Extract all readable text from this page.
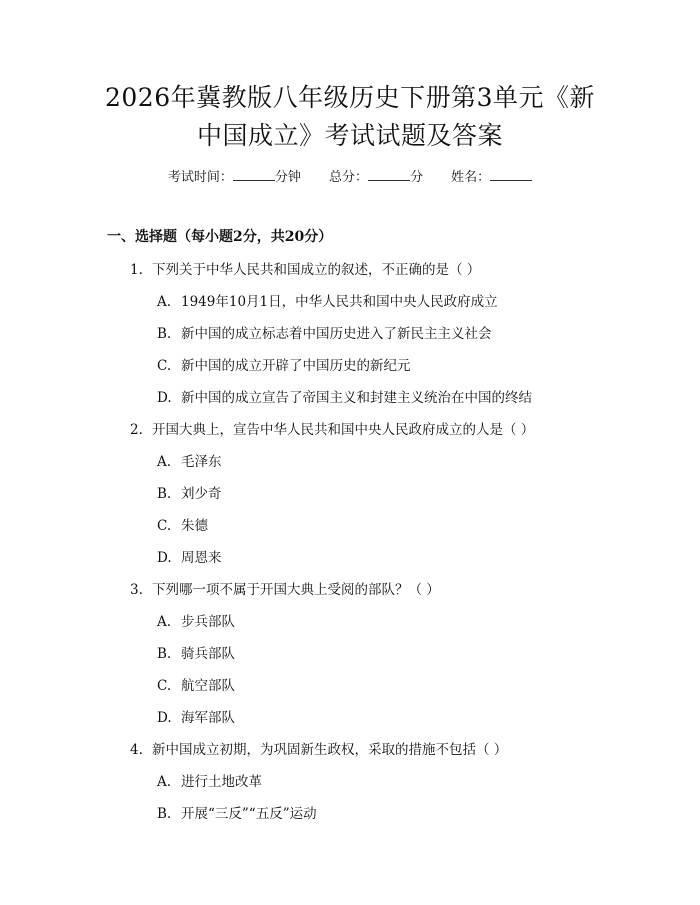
2026年冀教版八年级历史下册第3单元《新
中国成立》考试试题及答案
考试时间：	分钟 总分：	分 姓名：
一、选择题（每小题2分，共20分）
1. 下列关于中华人民共和国成立的叙述，不正确的是（ ）
A. 1949年10月1日，中华人民共和国中央人民政府成立
B. 新中国的成立标志着中国历史进入了新民主主义社会
C. 新中国的成立开辟了中国历史的新纪元
D. 新中国的成立宣告了帝国主义和封建主义统治在中国的终结
2. 开国大典上，宣告中华人民共和国中央人民政府成立的人是（ ）
A. 毛泽东
B. 刘少奇
C. 朱德
D. 周恩来
3. 下列哪一项不属于开国大典上受阅的部队？（ ）
A. 步兵部队
B. 骑兵部队
C. 航空部队
D. 海军部队
4. 新中国成立初期，为巩固新生政权，采取的措施不包括（ ）
A. 进行土地改革
B. 开展“三反”“五反”运动
